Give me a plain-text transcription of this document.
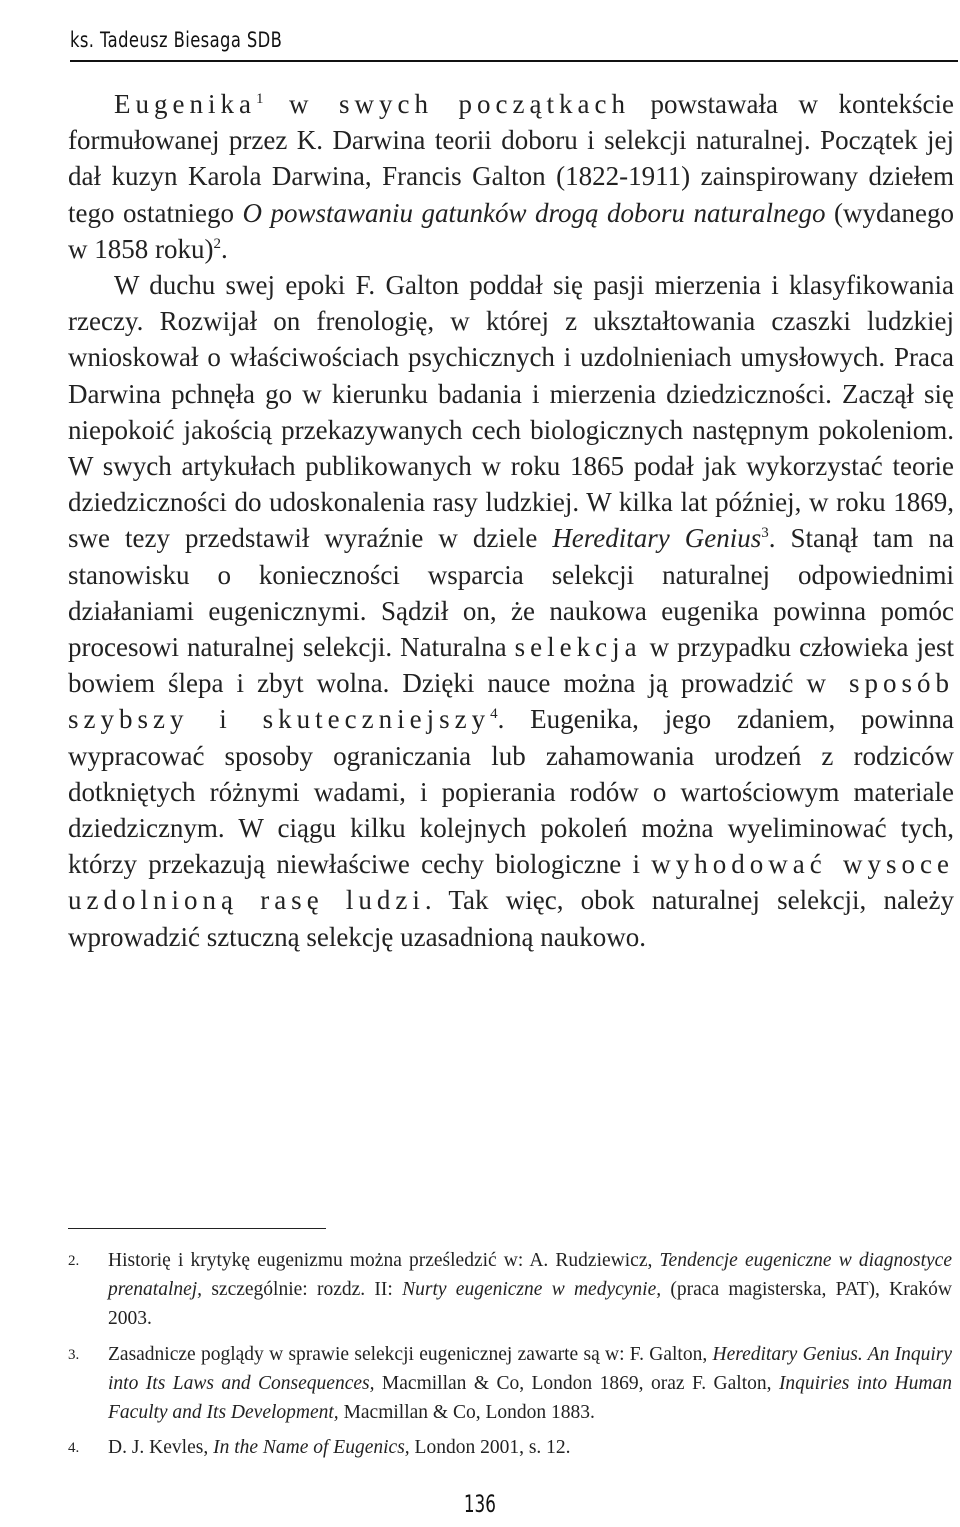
ks. Tadeusz Biesaga SDB

Eugenika$^1$ w swych początkach powstawała w kontekście formułowanej przez K. Darwina teorii doboru i selekcji naturalnej. Początek jej dał kuzyn Karola Darwina, Francis Galton (1822-1911) zainspirowany dziełem tego ostatniego O powstawaniu gatunków drogą doboru naturalnego (wydanego w 1858 roku)$^2$.

W duchu swej epoki F. Galton poddał się pasji mierzenia i klasyfikowania rzeczy. Rozwijał on frenologię, w której z ukształtowania czaszki ludzkiej wnioskował o właściwościach psychicznych i uzdolnieniach umysłowych. Praca Darwina pchnęła go w kierunku badania i mierzenia dziedziczności. Zaczął się niepokoić jakością przekazywanych cech biologicznych następnym pokoleniom. W swych artykułach publikowanych w roku 1865 podał jak wykorzystać teorie dziedziczności do udoskonalenia rasy ludzkiej. W kilka lat później, w roku 1869, swe tezy przedstawił wyraźnie w dziele Hereditary Genius$^3$. Stanął tam na stanowisku o konieczności wsparcia selekcji naturalnej odpowiednimi działaniami eugenicznymi. Sądził on, że naukowa eugenika powinna pomóc procesowi naturalnej selekcji. Naturalna selekcja w przypadku człowieka jest bowiem ślepa i zbyt wolna. Dzięki nauce można ją prowadzić w sposób szybszy i skuteczniejszy$^4$. Eugenika, jego zdaniem, powinna wypracować sposoby ograniczania lub zahamowania urodzeń z rodziców dotkniętych różnymi wadami, i popierania rodów o wartościowym materiale dziedzicznym. W ciągu kilku kolejnych pokoleń można wyeliminować tych, którzy przekazują niewłaściwe cechy biologiczne i wyhodować wysoce uzdolnioną rasę ludzi. Tak więc, obok naturalnej selekcji, należy wprowadzić sztuczną selekcję uzasadnioną naukowo.

2.	Historię i krytykę eugenizmu można prześledzić w: A. Rudziewicz, Tendencje eugeniczne w diagnostyce prenatalnej, szczególnie: rozdz. II: Nurty eugeniczne w medycynie, (praca magisterska, PAT), Kraków 2003.
3.	Zasadnicze poglądy w sprawie selekcji eugenicznej zawarte są w: F. Galton, Hereditary Genius. An Inquiry into Its Laws and Consequences, Macmillan & Co, London 1869, oraz F. Galton, Inquiries into Human Faculty and Its Development, Macmillan & Co, London 1883.
4.	D. J. Kevles, In the Name of Eugenics, London 2001, s. 12.
136
